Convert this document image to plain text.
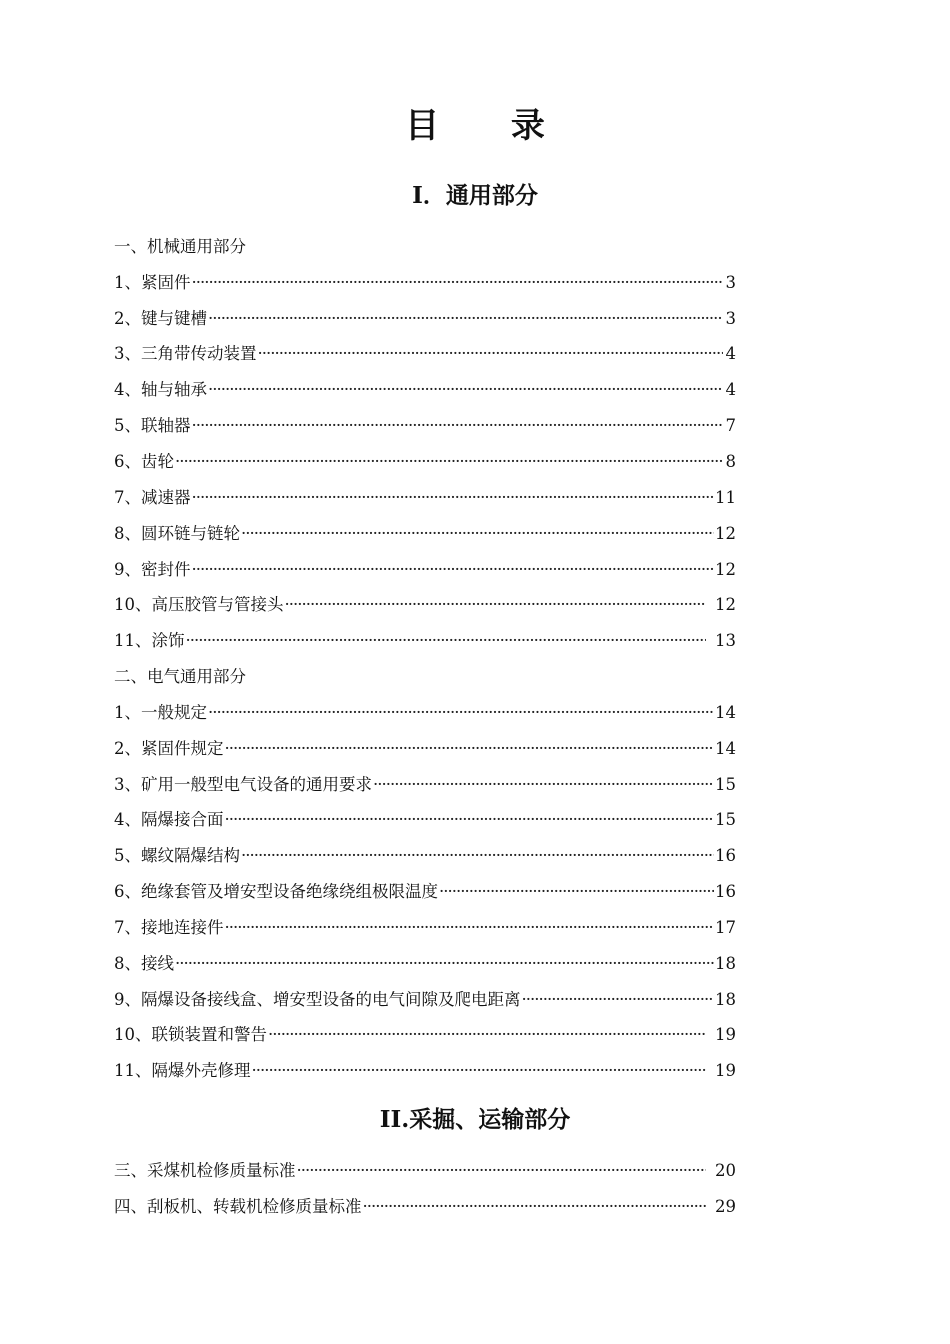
目 录
I．通用部分
一、机械通用部分
1、紧固件 ·····	3
2、键与键槽 ·····	3
3、三角带传动装置 ·····	4
4、轴与轴承 ·····	4
5、联轴器 ·····	7
6、齿轮 ·····	8
7、减速器 ·····	11
8、圆环链与链轮 ·····	12
9、密封件 ·····	12
10、高压胶管与管接头 ·····	12
11、涂饰 ·····	13
二、电气通用部分
1、一般规定 ·····	14
2、紧固件规定 ·····	14
3、矿用一般型电气设备的通用要求 ·····	15
4、隔爆接合面 ·····	15
5、螺纹隔爆结构 ·····	16
6、绝缘套管及增安型设备绝缘绕组极限温度 ·····	16
7、接地连接件 ·····	17
8、接线 ·····	18
9、隔爆设备接线盒、增安型设备的电气间隙及爬电距离 ·····	18
10、联锁装置和警告 ·····	19
11、隔爆外壳修理 ·····	19
II.采掘、运输部分
三、采煤机检修质量标准 ·····	20
四、刮板机、转载机检修质量标准 ·····	29
